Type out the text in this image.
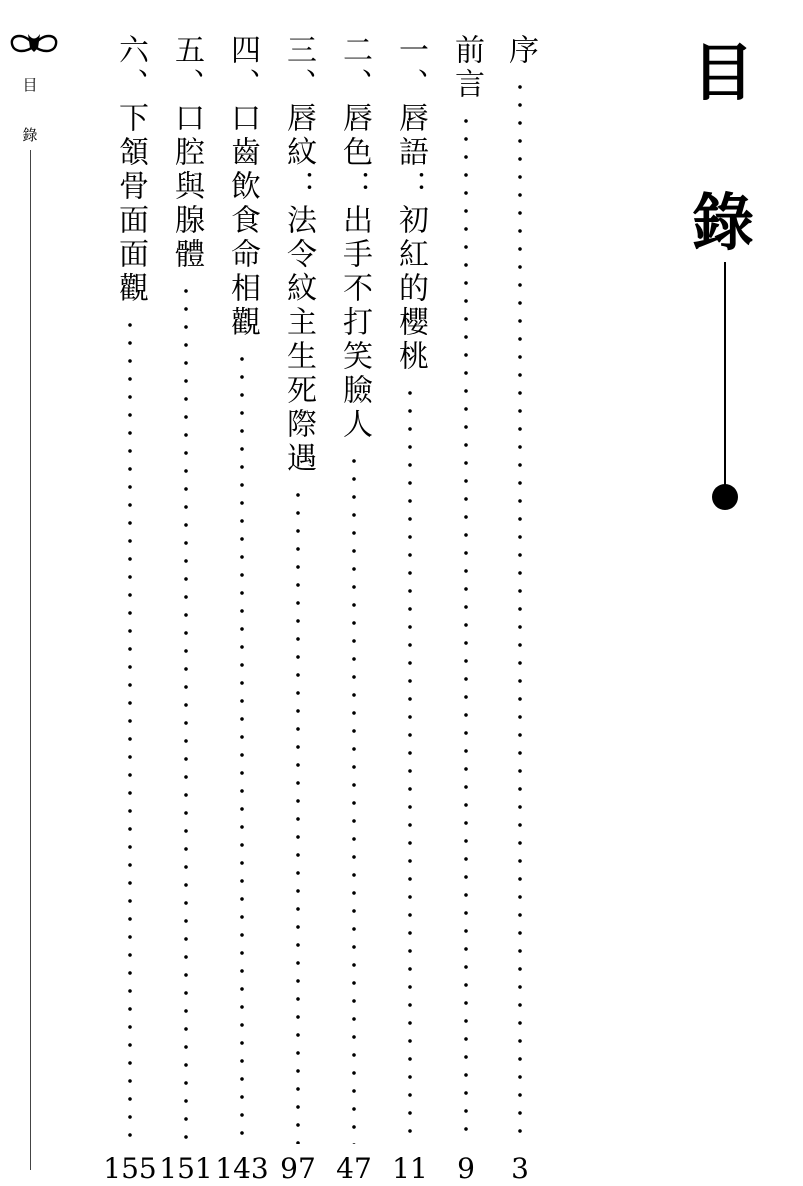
目
錄
目
錄
序
3
前言
9
一、唇語：初紅的櫻桃
11
二、唇色：出手不打笑臉人
47
三、唇紋：法令紋主生死際遇
97
四、口齒飲食命相觀
143
五、口腔與腺體
151
六、下頷骨面面觀
155
